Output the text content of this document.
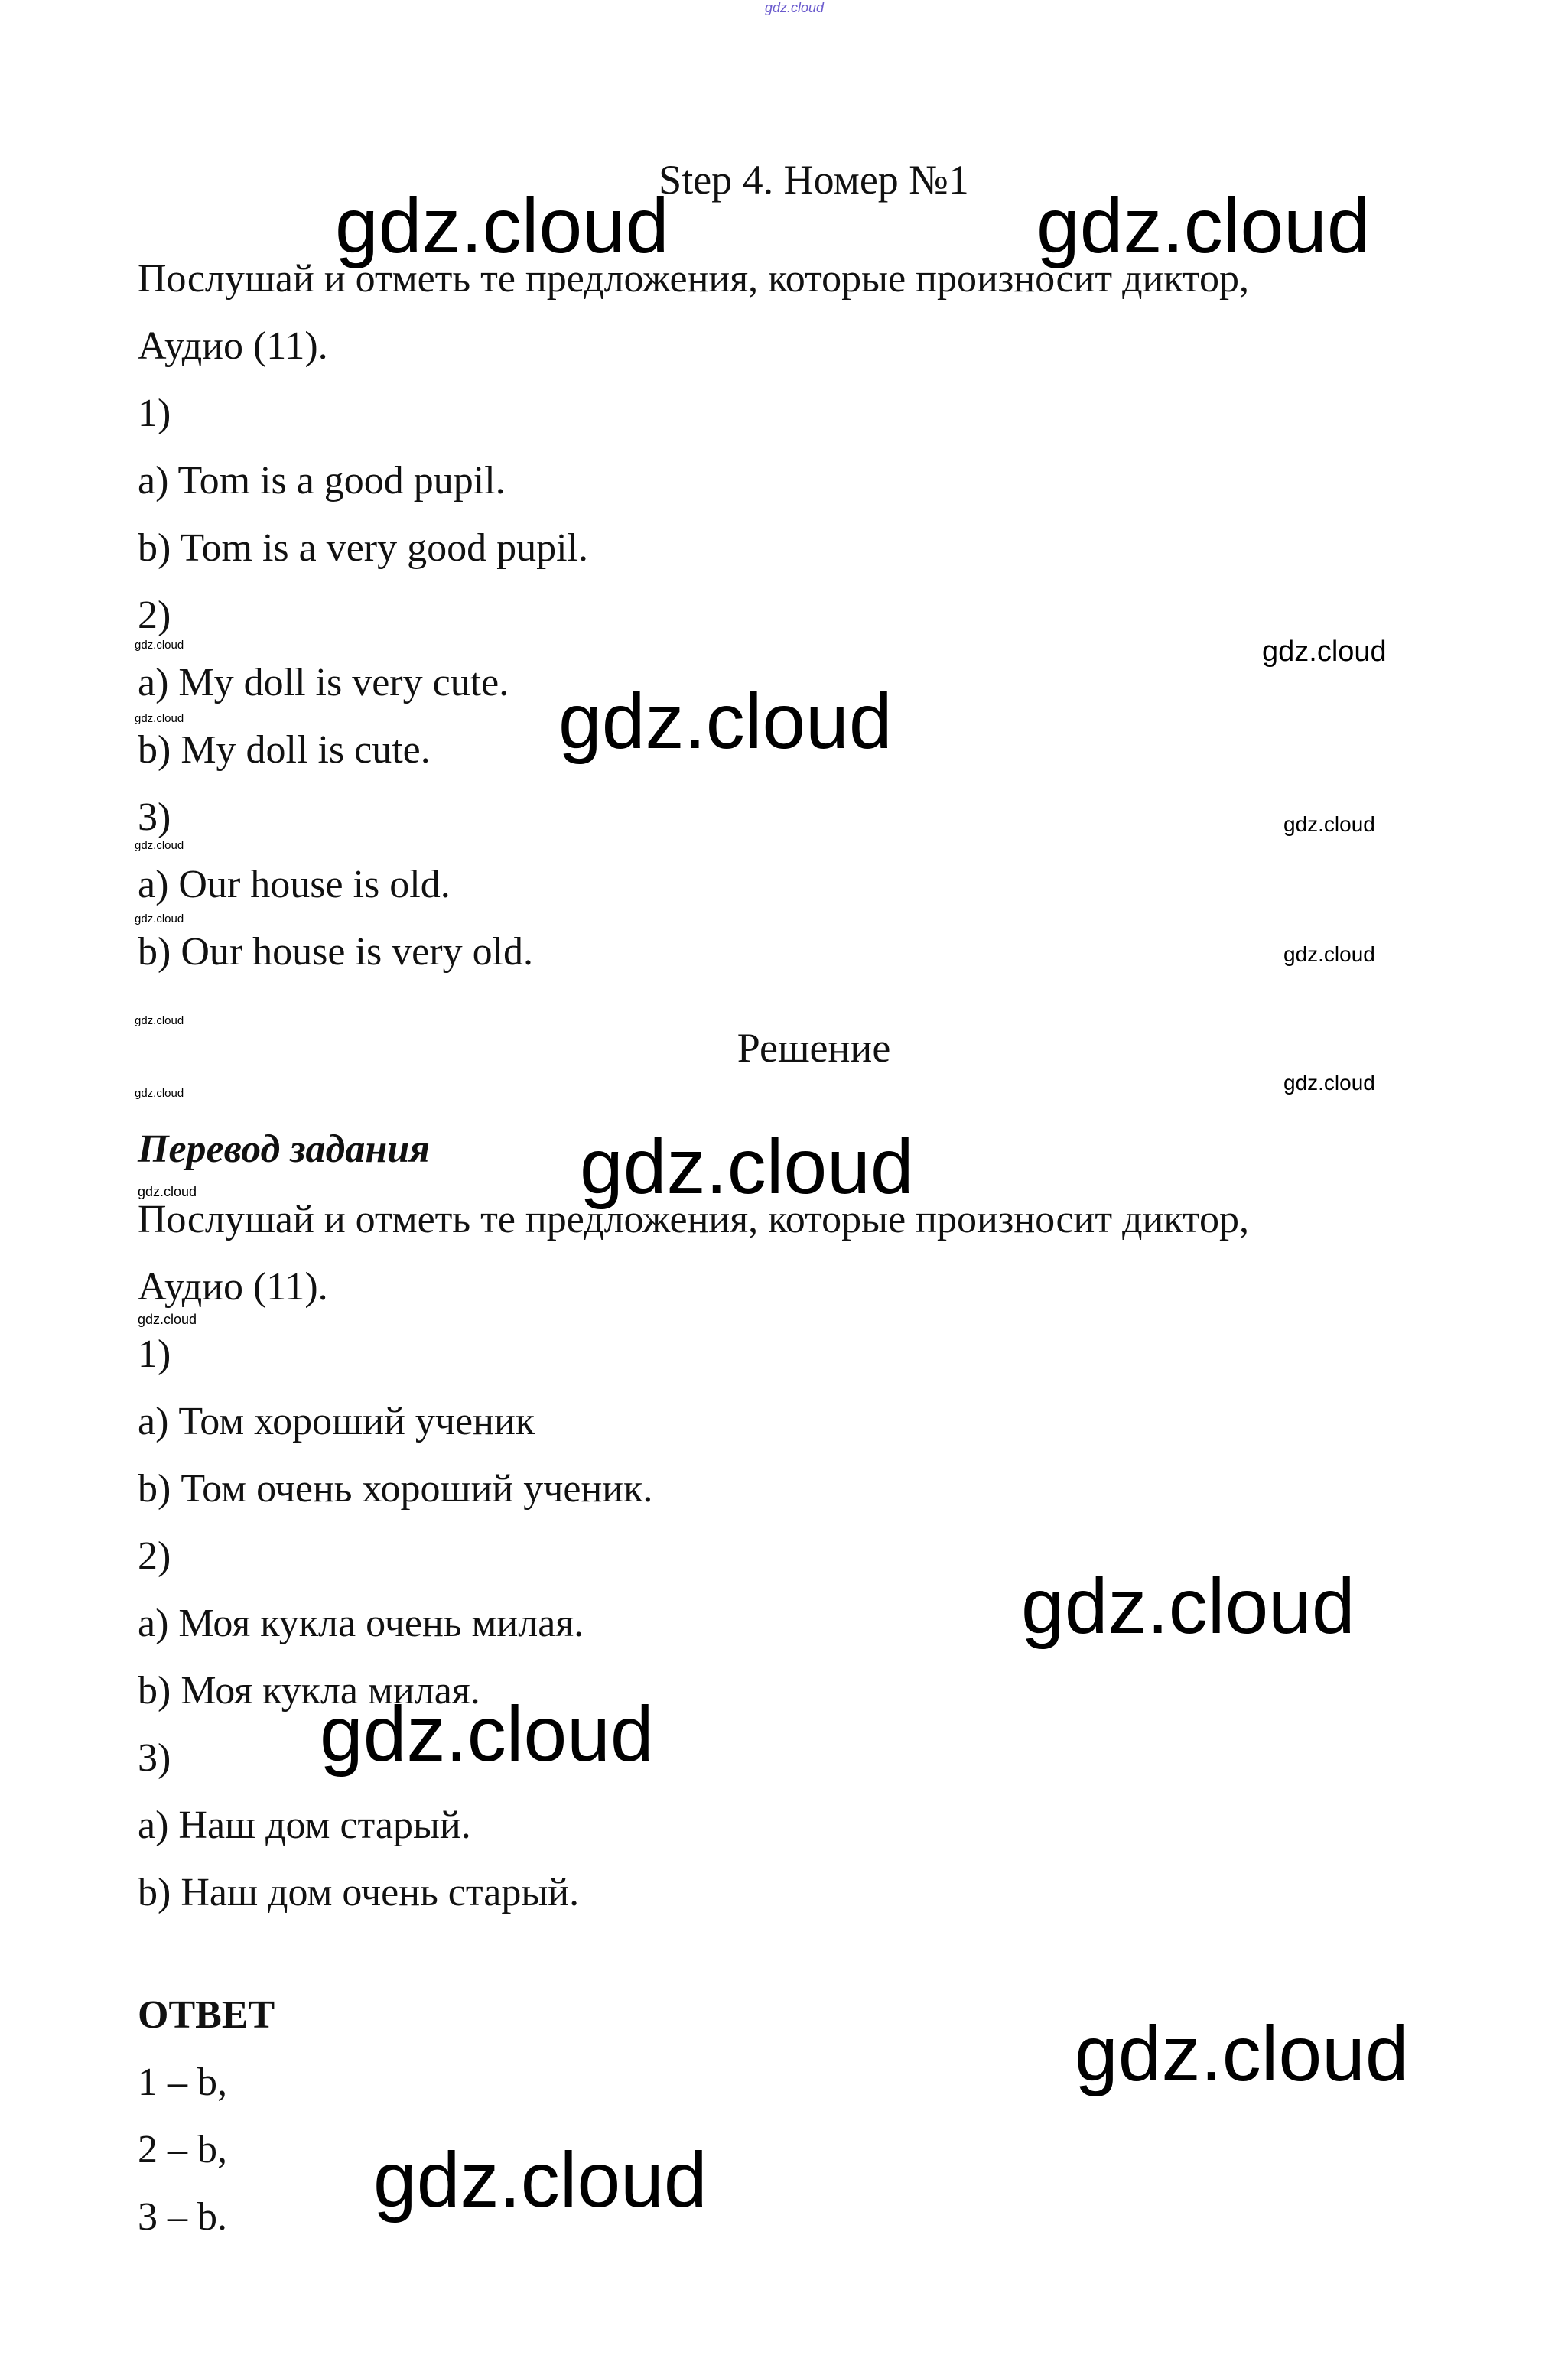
gdz.cloud
Step 4. Номер №1
Послушай и отметь те предложения, которые произносит диктор,
Аудио (11).
1)
a) Tom is a good pupil.
b) Tom is a very good pupil.
2)
a) My doll is very cute.
b) My doll is cute.
3)
a) Our house is old.
b) Our house is very old.
Решение
Перевод задания
Послушай и отметь те предложения, которые произносит диктор,
Аудио (11).
1)
a) Том хороший ученик
b) Том очень хороший ученик.
2)
a) Моя кукла очень милая.
b) Моя кукла милая.
3)
a) Наш дом старый.
b) Наш дом очень старый.
ОТВЕТ
1 – b,
2 – b,
3 – b.
gdz.cloud	gdz.cloud
gdz.cloud
gdz.cloud
gdz.cloud
gdz.cloud
gdz.cloud
gdz.cloud
gdz.cloud
gdz.cloud
gdz.cloud
gdz.cloud
gdz.cloud
gdz.cloud
gdz.cloud
gdz.cloud
gdz.cloud
gdz.cloud
gdz.cloud
gdz.cloud
